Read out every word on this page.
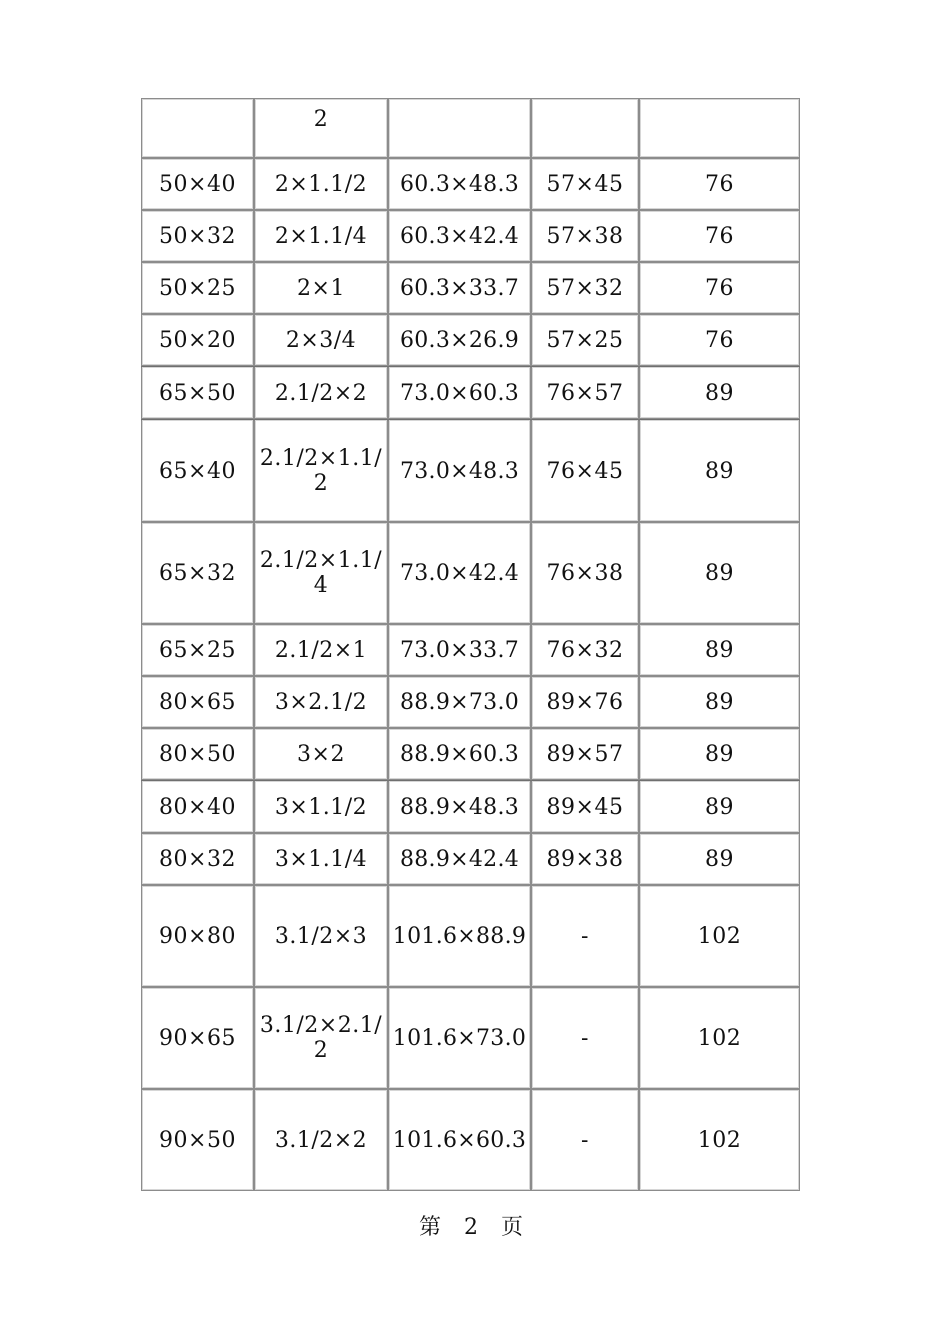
	2			
50×40	2×1.1/2	60.3×48.3	57×45	76
50×32	2×1.1/4	60.3×42.4	57×38	76
50×25	2×1	60.3×33.7	57×32	76
50×20	2×3/4	60.3×26.9	57×25	76
65×50	2.1/2×2	73.0×60.3	76×57	89
65×40	2.1/2×1.1/2	73.0×48.3	76×45	89
65×32	2.1/2×1.1/4	73.0×42.4	76×38	89
65×25	2.1/2×1	73.0×33.7	76×32	89
80×65	3×2.1/2	88.9×73.0	89×76	89
80×50	3×2	88.9×60.3	89×57	89
80×40	3×1.1/2	88.9×48.3	89×45	89
80×32	3×1.1/4	88.9×42.4	89×38	89
90×80	3.1/2×3	101.6×88.9	-	102
90×65	3.1/2×2.1/2	101.6×73.0	-	102
90×50	3.1/2×2	101.6×60.3	-	102
第 2 页
